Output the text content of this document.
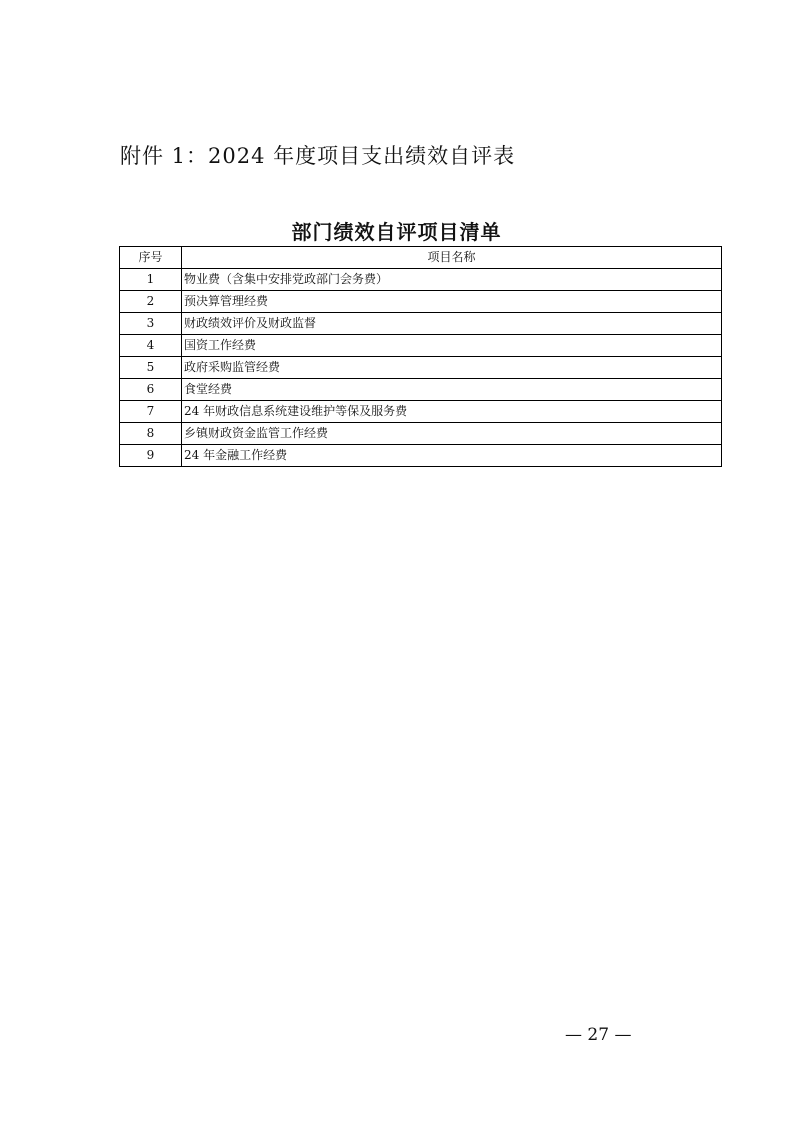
附件 1：2024 年度项目支出绩效自评表
部门绩效自评项目清单
序号	项目名称
1	物业费（含集中安排党政部门会务费）
2	预决算管理经费
3	财政绩效评价及财政监督
4	国资工作经费
5	政府采购监管经费
6	食堂经费
7	24 年财政信息系统建设维护等保及服务费
8	乡镇财政资金监管工作经费
9	24 年金融工作经费
— 27 —
